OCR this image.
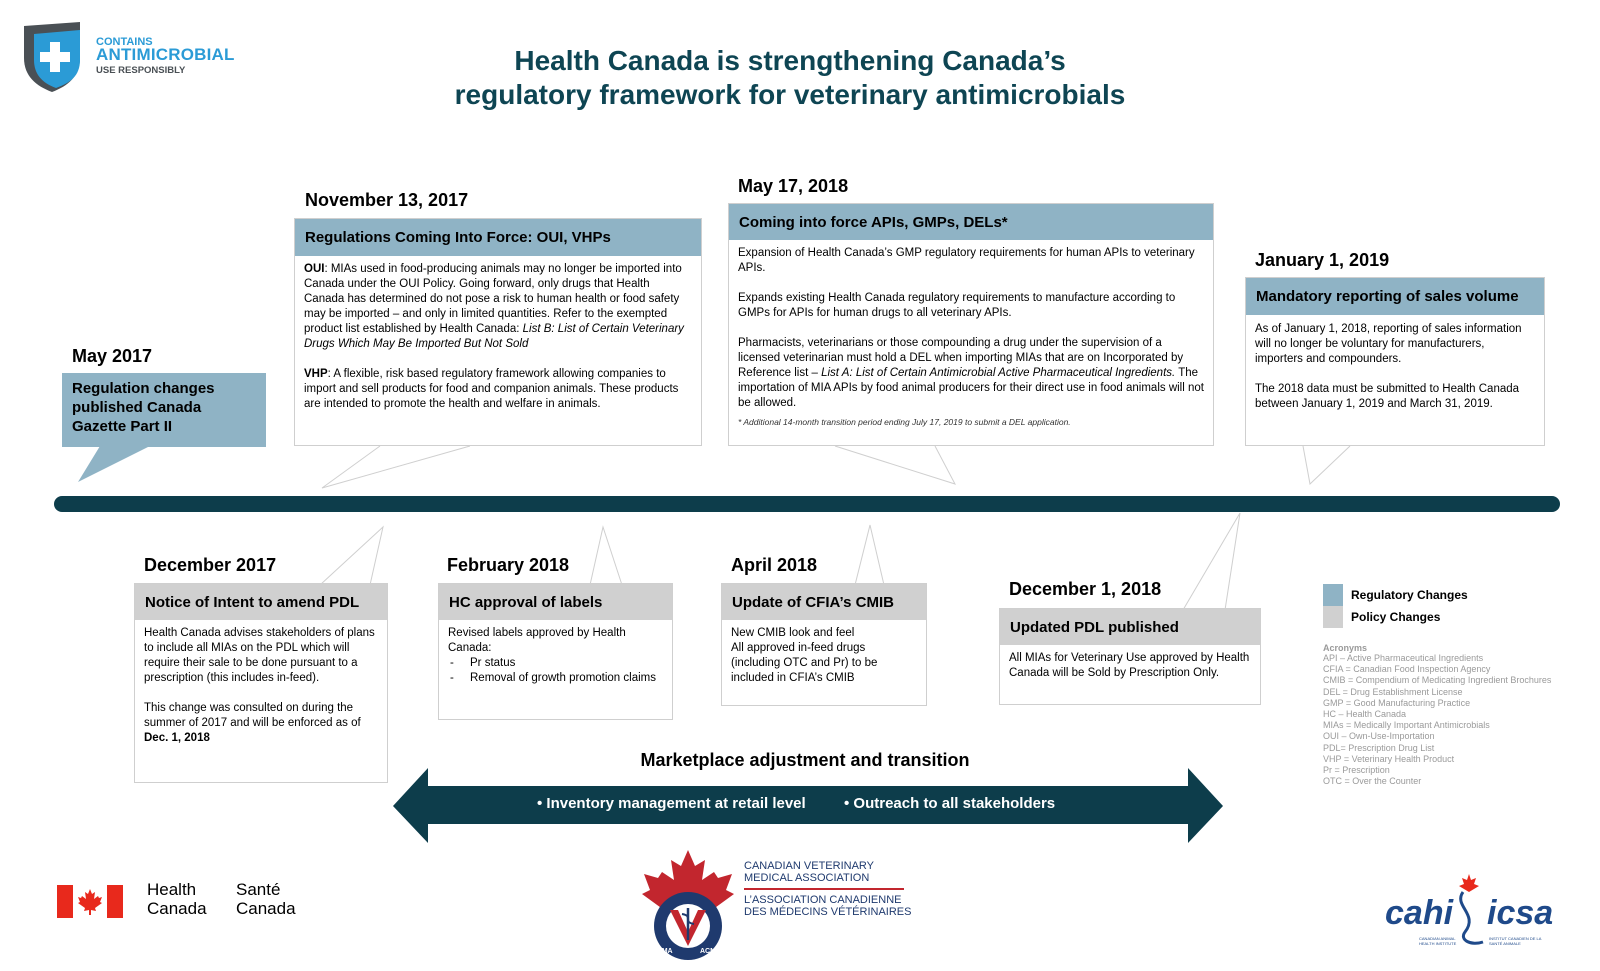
CONTAINS
ANTIMICROBIAL
USE RESPONSIBLY	Health Canada is strengthening Canada’s
regulatory framework for veterinary antimicrobials
May 2017
Regulation changes published Canada Gazette Part II
November 13, 2017
Regulations Coming Into Force: OUI, VHPs

OUI: MIAs used in food-producing animals may no longer be imported into Canada under the OUI Policy. Going forward, only drugs that Health Canada has determined do not pose a risk to human health or food safety may be imported – and only in limited quantities. Refer to the exempted product list established by Health Canada: List B: List of Certain Veterinary Drugs Which May Be Imported But Not Sold

VHP: A flexible, risk based regulatory framework allowing companies to import and sell products for food and companion animals. These products are intended to promote the health and welfare in animals.

May 17, 2018
Coming into force APIs, GMPs, DELs*

Expansion of Health Canada’s GMP regulatory requirements for human APIs to veterinary APIs.

Expands existing Health Canada regulatory requirements to manufacture according to GMPs for APIs for human drugs to all veterinary APIs.

Pharmacists, veterinarians or those compounding a drug under the supervision of a licensed veterinarian must hold a DEL when importing MIAs that are on Incorporated by Reference list – List A: List of Certain Antimicrobial Active Pharmaceutical Ingredients. The importation of MIA APIs by food animal producers for their direct use in food animals will not be allowed.

* Additional 14-month transition period ending July 17, 2019 to submit a DEL application.

January 1, 2019
Mandatory reporting of sales volume

As of January 1, 2018, reporting of sales information will no longer be voluntary for manufacturers, importers and compounders.

The 2018 data must be submitted to Health Canada between January 1, 2019 and March 31, 2019.

December 2017
Notice of Intent to amend PDL

Health Canada advises stakeholders of plans to include all MIAs on the PDL which will require their sale to be done pursuant to a prescription (this includes in-feed).

This change was consulted on during the summer of 2017 and will be enforced as of Dec. 1, 2018

February 2018
HC approval of labels
Revised labels approved by Health Canada:
- Pr status
- Removal of growth promotion claims
April 2018
Update of CFIA’s CMIB
New CMIB look and feel
All approved in-feed drugs (including OTC and Pr) to be included in CFIA’s CMIB
December 1, 2018
Updated PDL published

All MIAs for Veterinary Use approved by Health Canada will be Sold by Prescription Only.

Marketplace adjustment and transition
• Inventory management at retail level	• Outreach to all stakeholders
Regulatory Changes
Policy Changes
Acronyms
API – Active Pharmaceutical Ingredients
CFIA = Canadian Food Inspection Agency
CMIB = Compendium of Medicating Ingredient Brochures
DEL = Drug Establishment License
GMP = Good Manufacturing Practice
HC – Health Canada
MIAs = Medically Important Antimicrobials
OUI – Own-Use-Importation
PDL= Prescription Drug List
VHP = Veterinary Health Product
Pr = Prescription
OTC = Over the Counter
Health
Canada
Santé
Canada
CVMA	ACMV
CANADIAN VETERINARY
MEDICAL ASSOCIATION
L’ASSOCIATION CANADIENNE
DES MÉDECINS VÉTÉRINAIRES	cahi icsa
CANADIAN ANIMAL HEALTH INSTITUTE
INSTITUT CANADIEN DE LA SANTÉ ANIMALE
